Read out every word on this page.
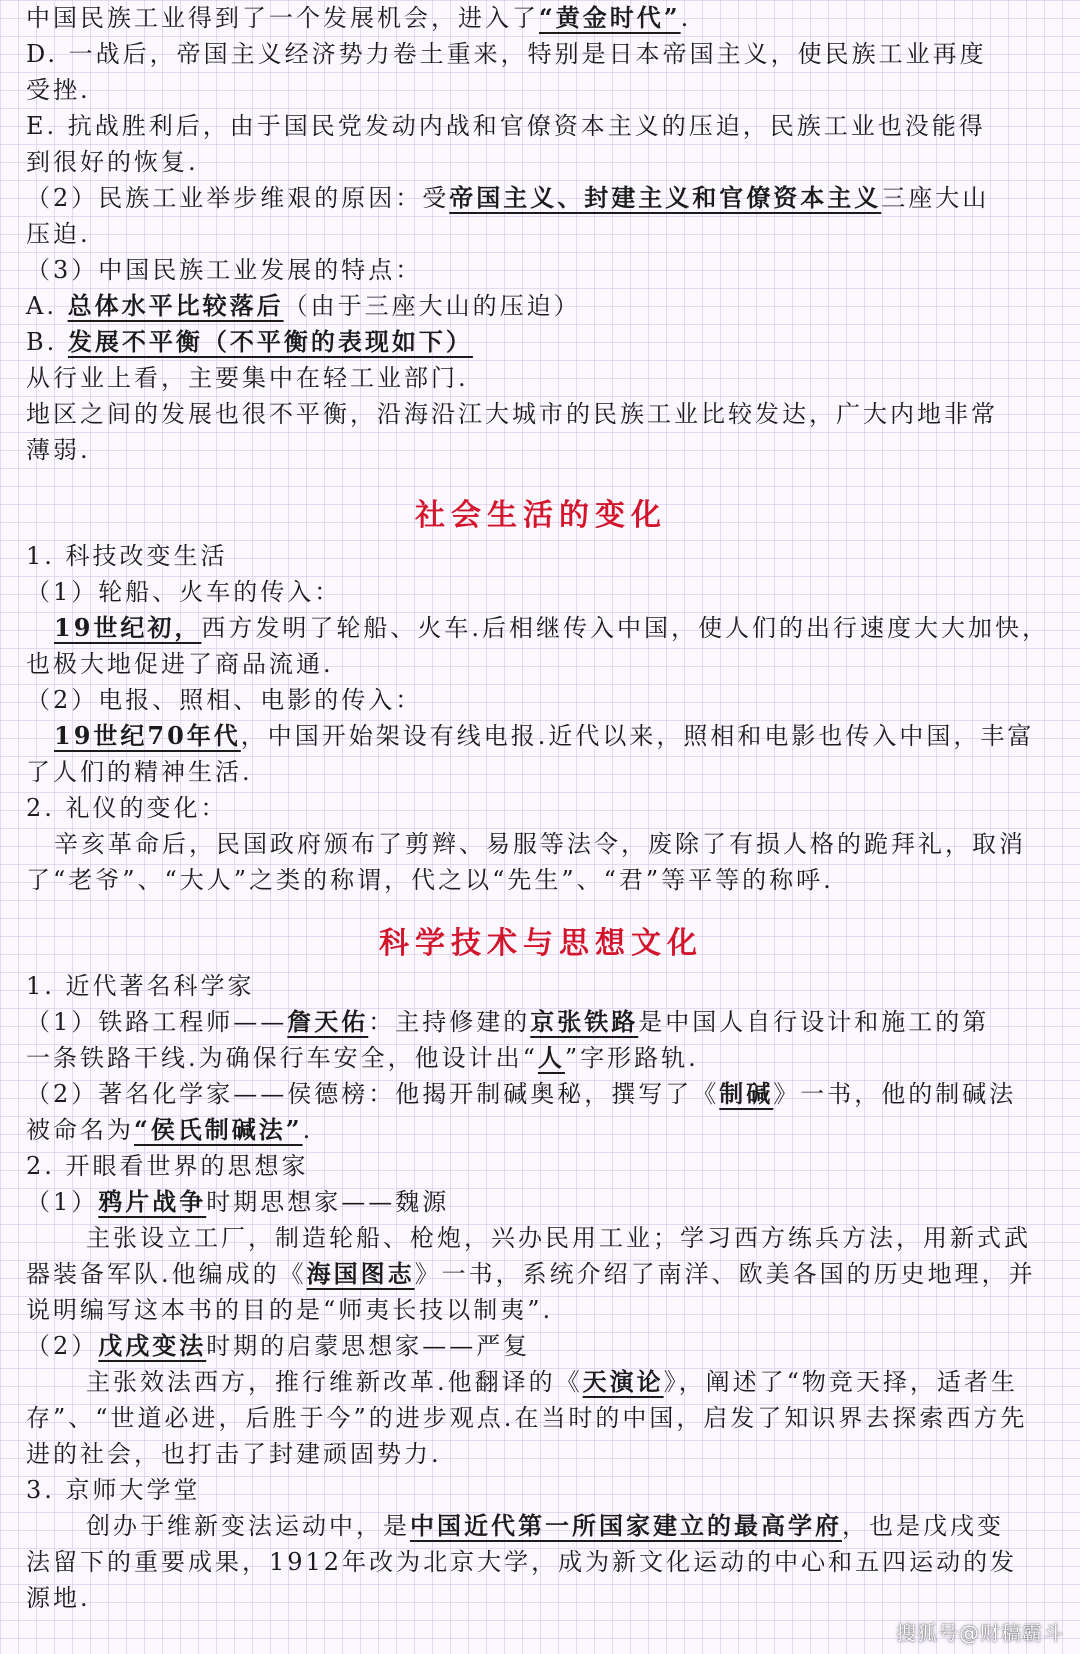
中国民族工业得到了一个发展机会，进入了“黄金时代”.

D. 一战后，帝国主义经济势力卷土重来，特别是日本帝国主义，使民族工业再度

受挫.

E. 抗战胜利后，由于国民党发动内战和官僚资本主义的压迫，民族工业也没能得

到很好的恢复.

（2）民族工业举步维艰的原因：受帝国主义、封建主义和官僚资本主义三座大山

压迫.

（3）中国民族工业发展的特点：

A. 总体水平比较落后（由于三座大山的压迫）

B. 发展不平衡（不平衡的表现如下）

从行业上看，主要集中在轻工业部门.

地区之间的发展也很不平衡，沿海沿江大城市的民族工业比较发达，广大内地非常

薄弱.

社会生活的变化

1. 科技改变生活

（1）轮船、火车的传入：

19世纪初，西方发明了轮船、火车.后相继传入中国，使人们的出行速度大大加快，

也极大地促进了商品流通.

（2）电报、照相、电影的传入：

19世纪70年代，中国开始架设有线电报.近代以来，照相和电影也传入中国，丰富

了人们的精神生活.

2. 礼仪的变化：

辛亥革命后，民国政府颁布了剪辫、易服等法令，废除了有损人格的跪拜礼，取消

了“老爷”、“大人”之类的称谓，代之以“先生”、“君”等平等的称呼.

科学技术与思想文化

1. 近代著名科学家

（1）铁路工程师——詹天佑：主持修建的京张铁路是中国人自行设计和施工的第

一条铁路干线.为确保行车安全，他设计出“人”字形路轨.

（2）著名化学家——侯德榜：他揭开制碱奥秘，撰写了《制碱》一书，他的制碱法

被命名为“侯氏制碱法”.

2. 开眼看世界的思想家

（1）鸦片战争时期思想家——魏源

主张设立工厂，制造轮船、枪炮，兴办民用工业；学习西方练兵方法，用新式武

器装备军队.他编成的《海国图志》一书，系统介绍了南洋、欧美各国的历史地理，并

说明编写这本书的目的是“师夷长技以制夷”.

（2）戊戌变法时期的启蒙思想家——严复

主张效法西方，推行维新改革.他翻译的《天演论》，阐述了“物竞天择，适者生

存”、“世道必进，后胜于今”的进步观点.在当时的中国，启发了知识界去探索西方先

进的社会，也打击了封建顽固势力.

3. 京师大学堂

创办于维新变法运动中，是中国近代第一所国家建立的最高学府，也是戊戌变

法留下的重要成果，1912年改为北京大学，成为新文化运动的中心和五四运动的发

源地.

搜狐号@财稿霸斗
